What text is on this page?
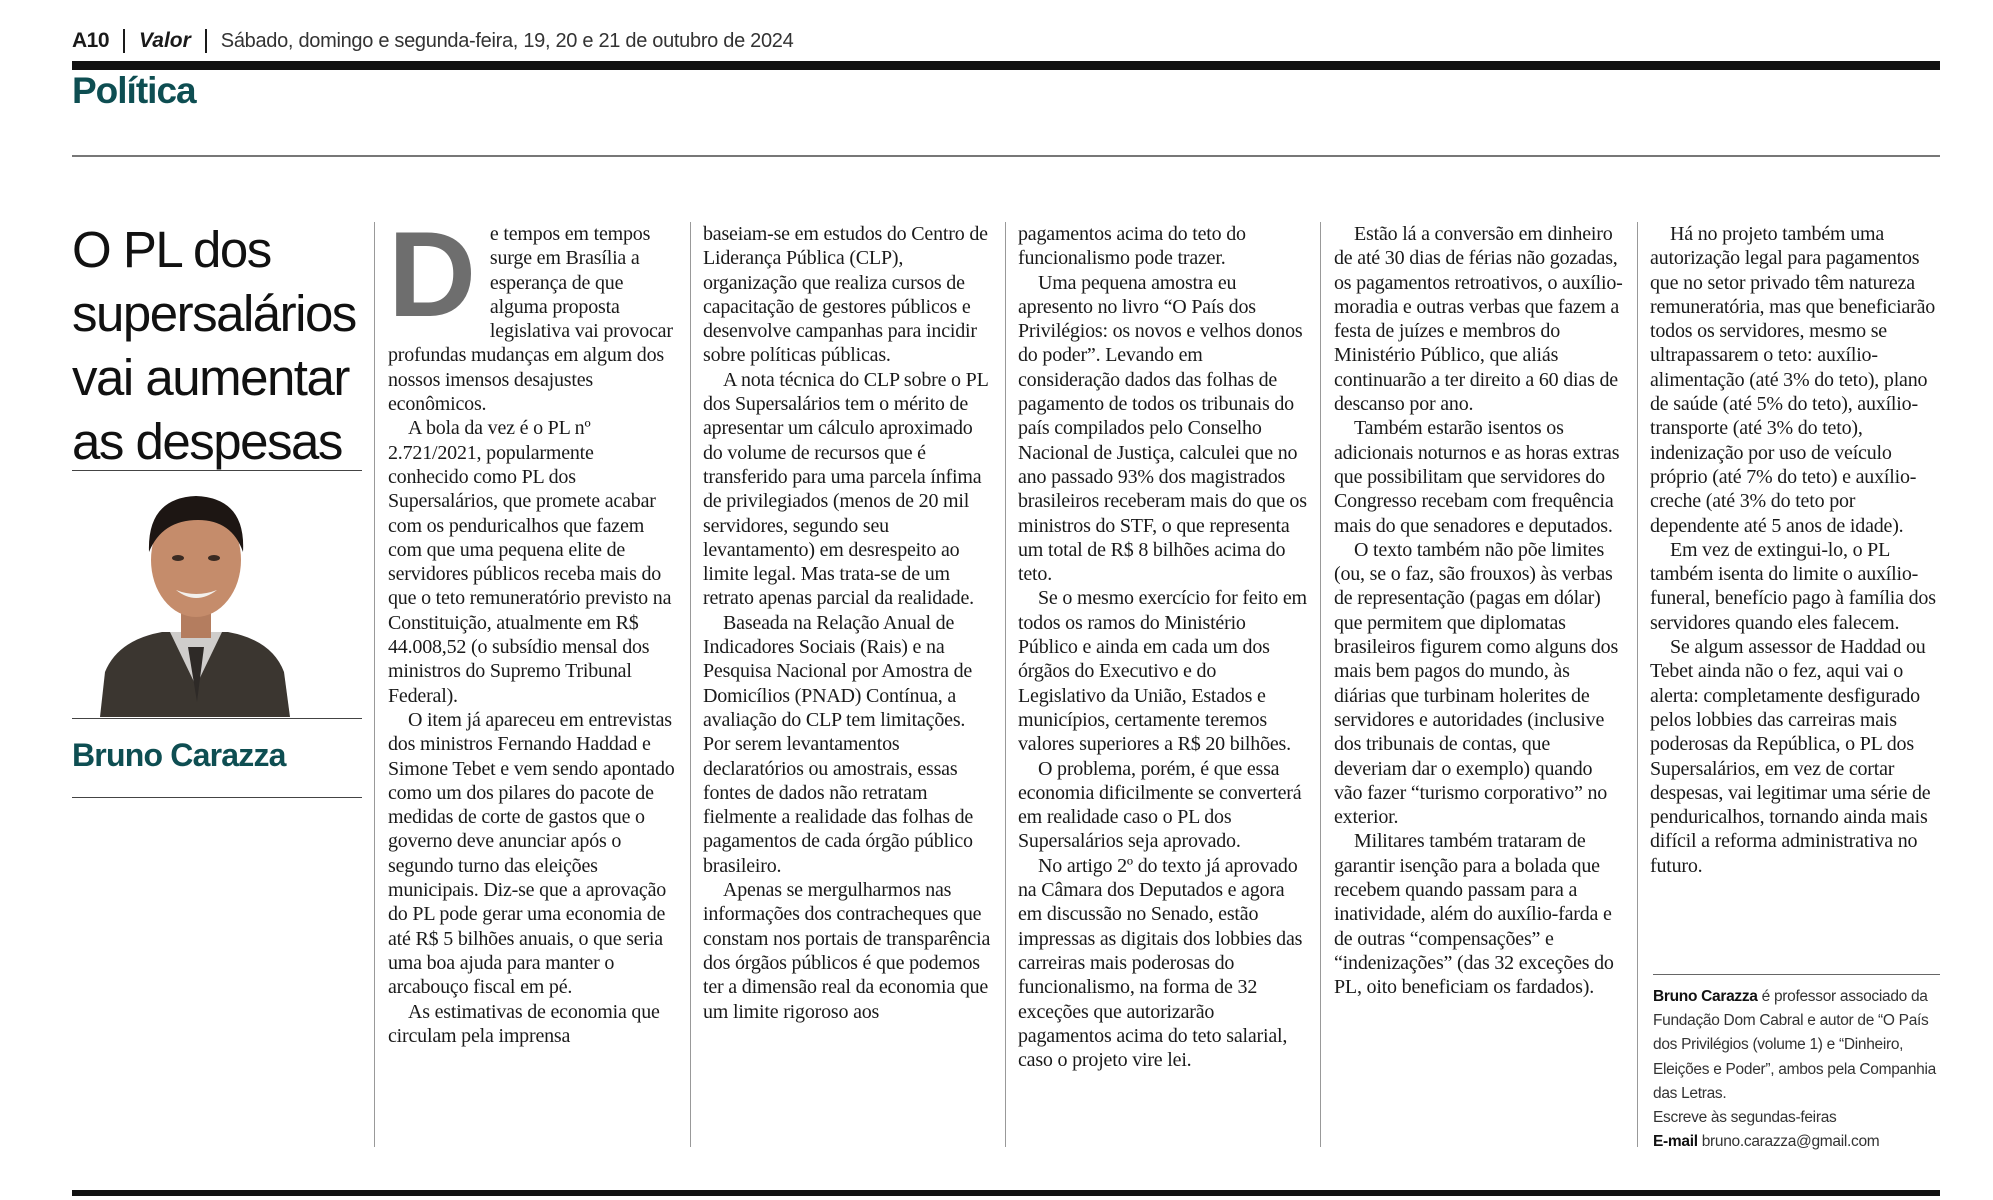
A10 Valor Sábado, domingo e segunda-feira, 19, 20 e 21 de outubro de 2024
Política
O PL dos supersalários vai aumentar as despesas
Bruno Carazza

De tempos em tempos surge em Brasília a esperança de que alguma proposta legislativa vai provocar profundas mudanças em algum dos nossos imensos desajustes econômicos.

A bola da vez é o PL nº 2.721/2021, popularmente conhecido como PL dos Supersalários, que promete acabar com os penduricalhos que fazem com que uma pequena elite de servidores públicos receba mais do que o teto remuneratório previsto na Constituição, atualmente em R$ 44.008,52 (o subsídio mensal dos ministros do Supremo Tribunal Federal).

O item já apareceu em entrevistas dos ministros Fernando Haddad e Simone Tebet e vem sendo apontado como um dos pilares do pacote de medidas de corte de gastos que o governo deve anunciar após o segundo turno das eleições municipais. Diz-se que a aprovação do PL pode gerar uma economia de até R$ 5 bilhões anuais, o que seria uma boa ajuda para manter o arcabouço fiscal em pé.

As estimativas de economia que circulam pela imprensa

baseiam-se em estudos do Centro de Liderança Pública (CLP), organização que realiza cursos de capacitação de gestores públicos e desenvolve campanhas para incidir sobre políticas públicas.

A nota técnica do CLP sobre o PL dos Supersalários tem o mérito de apresentar um cálculo aproximado do volume de recursos que é transferido para uma parcela ínfima de privilegiados (menos de 20 mil servidores, segundo seu levantamento) em desrespeito ao limite legal. Mas trata-se de um retrato apenas parcial da realidade.

Baseada na Relação Anual de Indicadores Sociais (Rais) e na Pesquisa Nacional por Amostra de Domicílios (PNAD) Contínua, a avaliação do CLP tem limitações. Por serem levantamentos declaratórios ou amostrais, essas fontes de dados não retratam fielmente a realidade das folhas de pagamentos de cada órgão público brasileiro.

Apenas se mergulharmos nas informações dos contracheques que constam nos portais de transparência dos órgãos públicos é que podemos ter a dimensão real da economia que um limite rigoroso aos

pagamentos acima do teto do funcionalismo pode trazer.

Uma pequena amostra eu apresento no livro “O País dos Privilégios: os novos e velhos donos do poder”. Levando em consideração dados das folhas de pagamento de todos os tribunais do país compilados pelo Conselho Nacional de Justiça, calculei que no ano passado 93% dos magistrados brasileiros receberam mais do que os ministros do STF, o que representa um total de R$ 8 bilhões acima do teto.

Se o mesmo exercício for feito em todos os ramos do Ministério Público e ainda em cada um dos órgãos do Executivo e do Legislativo da União, Estados e municípios, certamente teremos valores superiores a R$ 20 bilhões.

O problema, porém, é que essa economia dificilmente se converterá em realidade caso o PL dos Supersalários seja aprovado.

No artigo 2º do texto já aprovado na Câmara dos Deputados e agora em discussão no Senado, estão impressas as digitais dos lobbies das carreiras mais poderosas do funcionalismo, na forma de 32 exceções que autorizarão pagamentos acima do teto salarial, caso o projeto vire lei.

Estão lá a conversão em dinheiro de até 30 dias de férias não gozadas, os pagamentos retroativos, o auxílio-moradia e outras verbas que fazem a festa de juízes e membros do Ministério Público, que aliás continuarão a ter direito a 60 dias de descanso por ano.

Também estarão isentos os adicionais noturnos e as horas extras que possibilitam que servidores do Congresso recebam com frequência mais do que senadores e deputados.

O texto também não põe limites (ou, se o faz, são frouxos) às verbas de representação (pagas em dólar) que permitem que diplomatas brasileiros figurem como alguns dos mais bem pagos do mundo, às diárias que turbinam holerites de servidores e autoridades (inclusive dos tribunais de contas, que deveriam dar o exemplo) quando vão fazer “turismo corporativo” no exterior.

Militares também trataram de garantir isenção para a bolada que recebem quando passam para a inatividade, além do auxílio-farda e de outras “compensações” e “indenizações” (das 32 exceções do PL, oito beneficiam os fardados).

Há no projeto também uma autorização legal para pagamentos que no setor privado têm natureza remuneratória, mas que beneficiarão todos os servidores, mesmo se ultrapassarem o teto: auxílio-alimentação (até 3% do teto), plano de saúde (até 5% do teto), auxílio-transporte (até 3% do teto), indenização por uso de veículo próprio (até 7% do teto) e auxílio-creche (até 3% do teto por dependente até 5 anos de idade).

Em vez de extingui-lo, o PL também isenta do limite o auxílio-funeral, benefício pago à família dos servidores quando eles falecem.

Se algum assessor de Haddad ou Tebet ainda não o fez, aqui vai o alerta: completamente desfigurado pelos lobbies das carreiras mais poderosas da República, o PL dos Supersalários, em vez de cortar despesas, vai legitimar uma série de penduricalhos, tornando ainda mais difícil a reforma administrativa no futuro.

Bruno Carazza é professor associado da Fundação Dom Cabral e autor de “O País dos Privilégios (volume 1) e “Dinheiro, Eleições e Poder”, ambos pela Companhia das Letras.
Escreve às segundas-feiras
E-mail bruno.carazza@gmail.com
